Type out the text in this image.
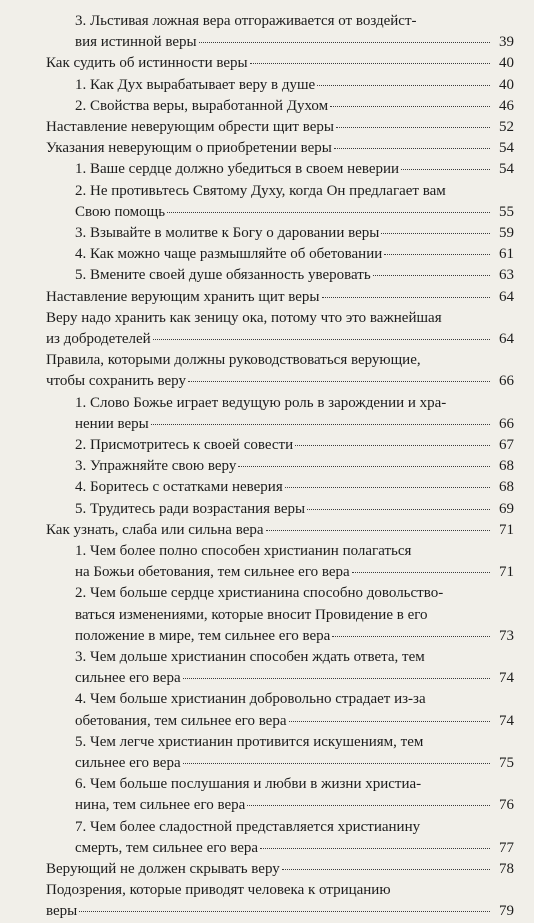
3. Льстивая ложная вера отгораживается от воздейст-
вия истинной веры	39
Как судить об истинности веры	40
1. Как Дух вырабатывает веру в душе	40
2. Свойства веры, выработанной Духом	46
Наставление неверующим обрести щит веры	52
Указания неверующим о приобретении веры	54
1. Ваше сердце должно убедиться в своем неверии	54
2. Не противьтесь Святому Духу, когда Он предлагает вам
Свою помощь	55
3. Взывайте в молитве к Богу о даровании веры	59
4. Как можно чаще размышляйте об обетовании	61
5. Вмените своей душе обязанность уверовать	63
Наставление верующим хранить щит веры	64
Веру надо хранить как зеницу ока, потому что это важнейшая
из добродетелей	64
Правила, которыми должны руководствоваться верующие,
чтобы сохранить веру	66
1. Слово Божье играет ведущую роль в зарождении и хра-
нении веры	66
2. Присмотритесь к своей совести	67
3. Упражняйте свою веру	68
4. Боритесь с остатками неверия	68
5. Трудитесь ради возрастания веры	69
Как узнать, слаба или сильна вера	71
1. Чем более полно способен христианин полагаться
на Божьи обетования, тем сильнее его вера	71
2. Чем больше сердце христианина способно довольство-
ваться изменениями, которые вносит Провидение в его
положение в мире, тем сильнее его вера	73
3. Чем дольше христианин способен ждать ответа, тем
сильнее его вера	74
4. Чем больше христианин добровольно страдает из-за
обетования, тем сильнее его вера	74
5. Чем легче христианин противится искушениям, тем
сильнее его вера	75
6. Чем больше послушания и любви в жизни христиа-
нина, тем сильнее его вера	76
7. Чем более сладостной представляется христианину
смерть, тем сильнее его вера	77
Верующий не должен скрывать веру	78
Подозрения, которые приводят человека к отрицанию
веры	79
